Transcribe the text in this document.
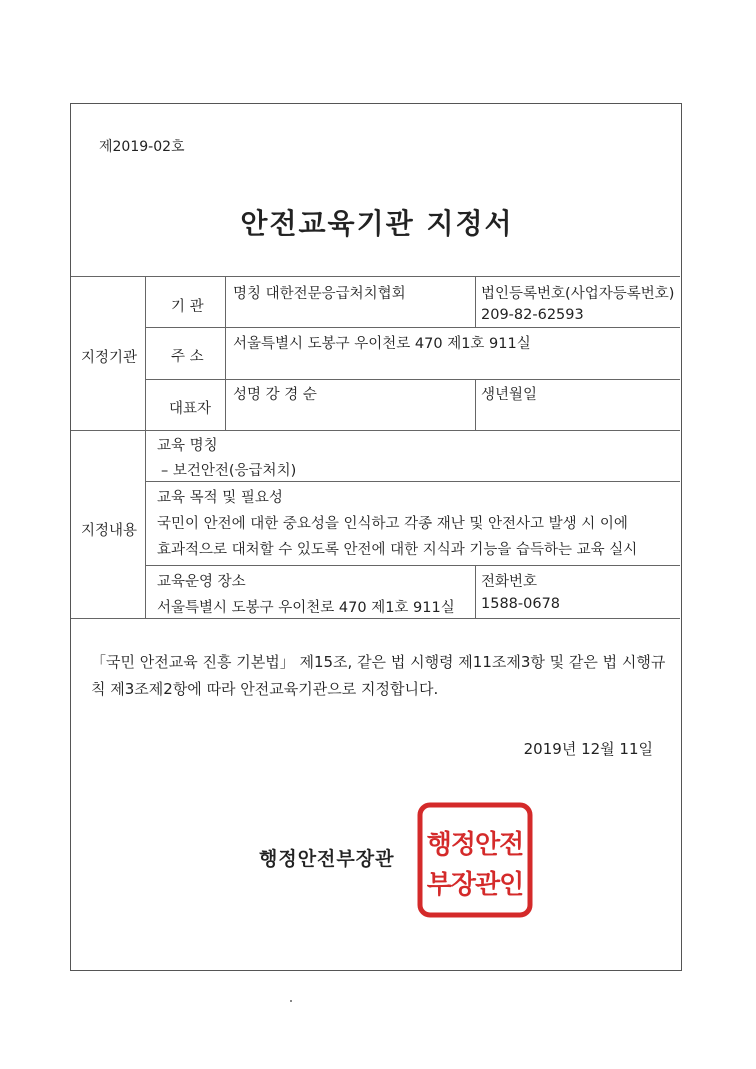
제2019-02호
안전교육기관 지정서
지정기관
기 관
명칭 대한전문응급처치협회	법인등록번호(사업자등록번호)
209-82-62593
주 소
서울특별시 도봉구 우이천로 470 제1호 911실
대표자
성명 강 경 순	생년월일
지정내용
교육 명칭
– 보건안전(응급처치)
교육 목적 및 필요성
국민이 안전에 대한 중요성을 인식하고 각종 재난 및 안전사고 발생 시 이에
효과적으로 대처할 수 있도록 안전에 대한 지식과 기능을 습득하는 교육 실시
교육운영 장소
서울특별시 도봉구 우이천로 470 제1호 911실
전화번호
1588-0678
「국민 안전교육 진흥 기본법」 제15조, 같은 법 시행령 제11조제3항 및 같은 법 시행규칙 제3조제2항에 따라 안전교육기관으로 지정합니다.
2019년 12월 11일
행정안전부장관 행정안전
부장관인
